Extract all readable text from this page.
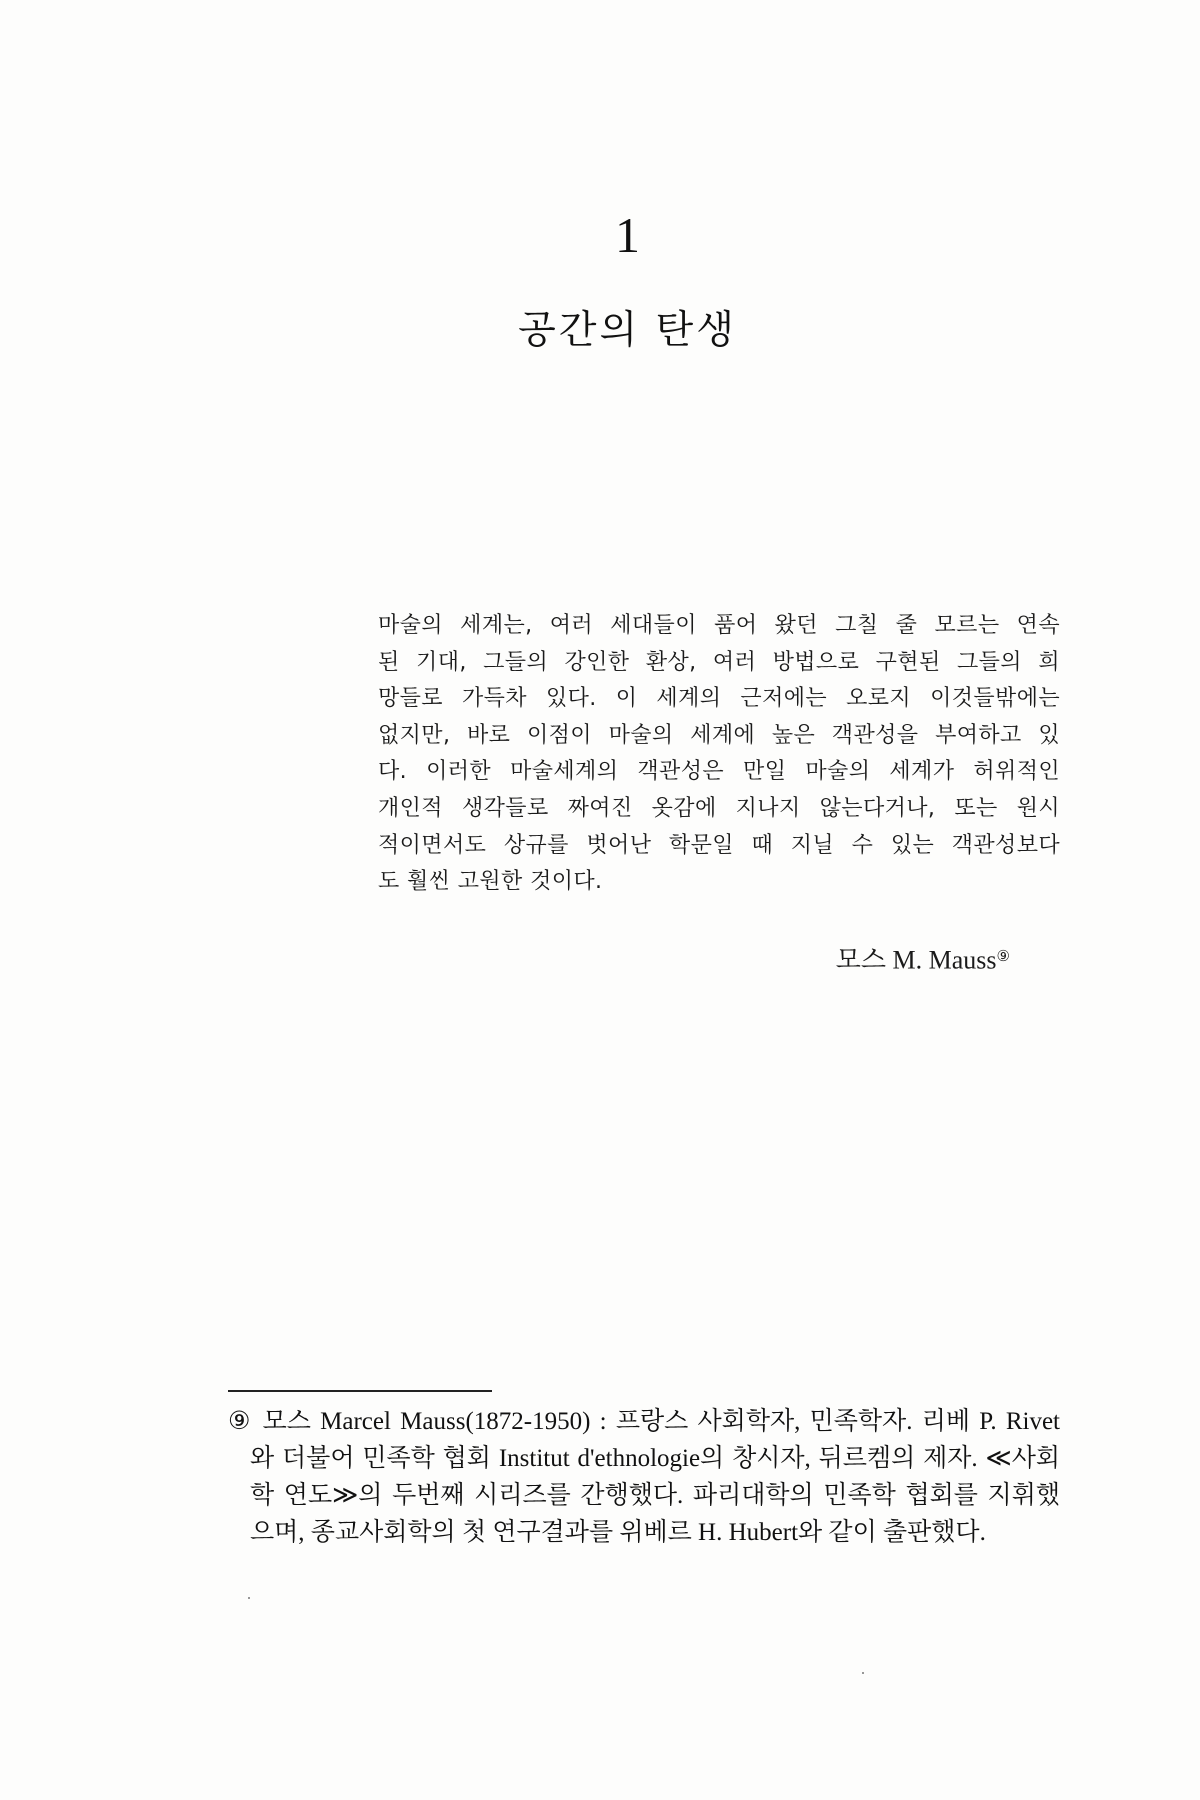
1
공간의 탄생
마술의 세계는, 여러 세대들이 품어 왔던 그칠 줄 모르는 연속
된 기대, 그들의 강인한 환상, 여러 방법으로 구현된 그들의 희
망들로 가득차 있다. 이 세계의 근저에는 오로지 이것들밖에는
없지만, 바로 이점이 마술의 세계에 높은 객관성을 부여하고 있
다. 이러한 마술세계의 객관성은 만일 마술의 세계가 허위적인
개인적 생각들로 짜여진 옷감에 지나지 않는다거나, 또는 원시
적이면서도 상규를 벗어난 학문일 때 지닐 수 있는 객관성보다
도 훨씬 고원한 것이다.
모스 M. Mauss⑨
⑨ 모스 Marcel Mauss(1872-1950) : 프랑스 사회학자, 민족학자. 리베 P. Rivet
와 더불어 민족학 협회 Institut d'ethnologie의 창시자, 뒤르켐의 제자. ≪사회
학 연도≫의 두번째 시리즈를 간행했다. 파리대학의 민족학 협회를 지휘했
으며, 종교사회학의 첫 연구결과를 위베르 H. Hubert와 같이 출판했다.
